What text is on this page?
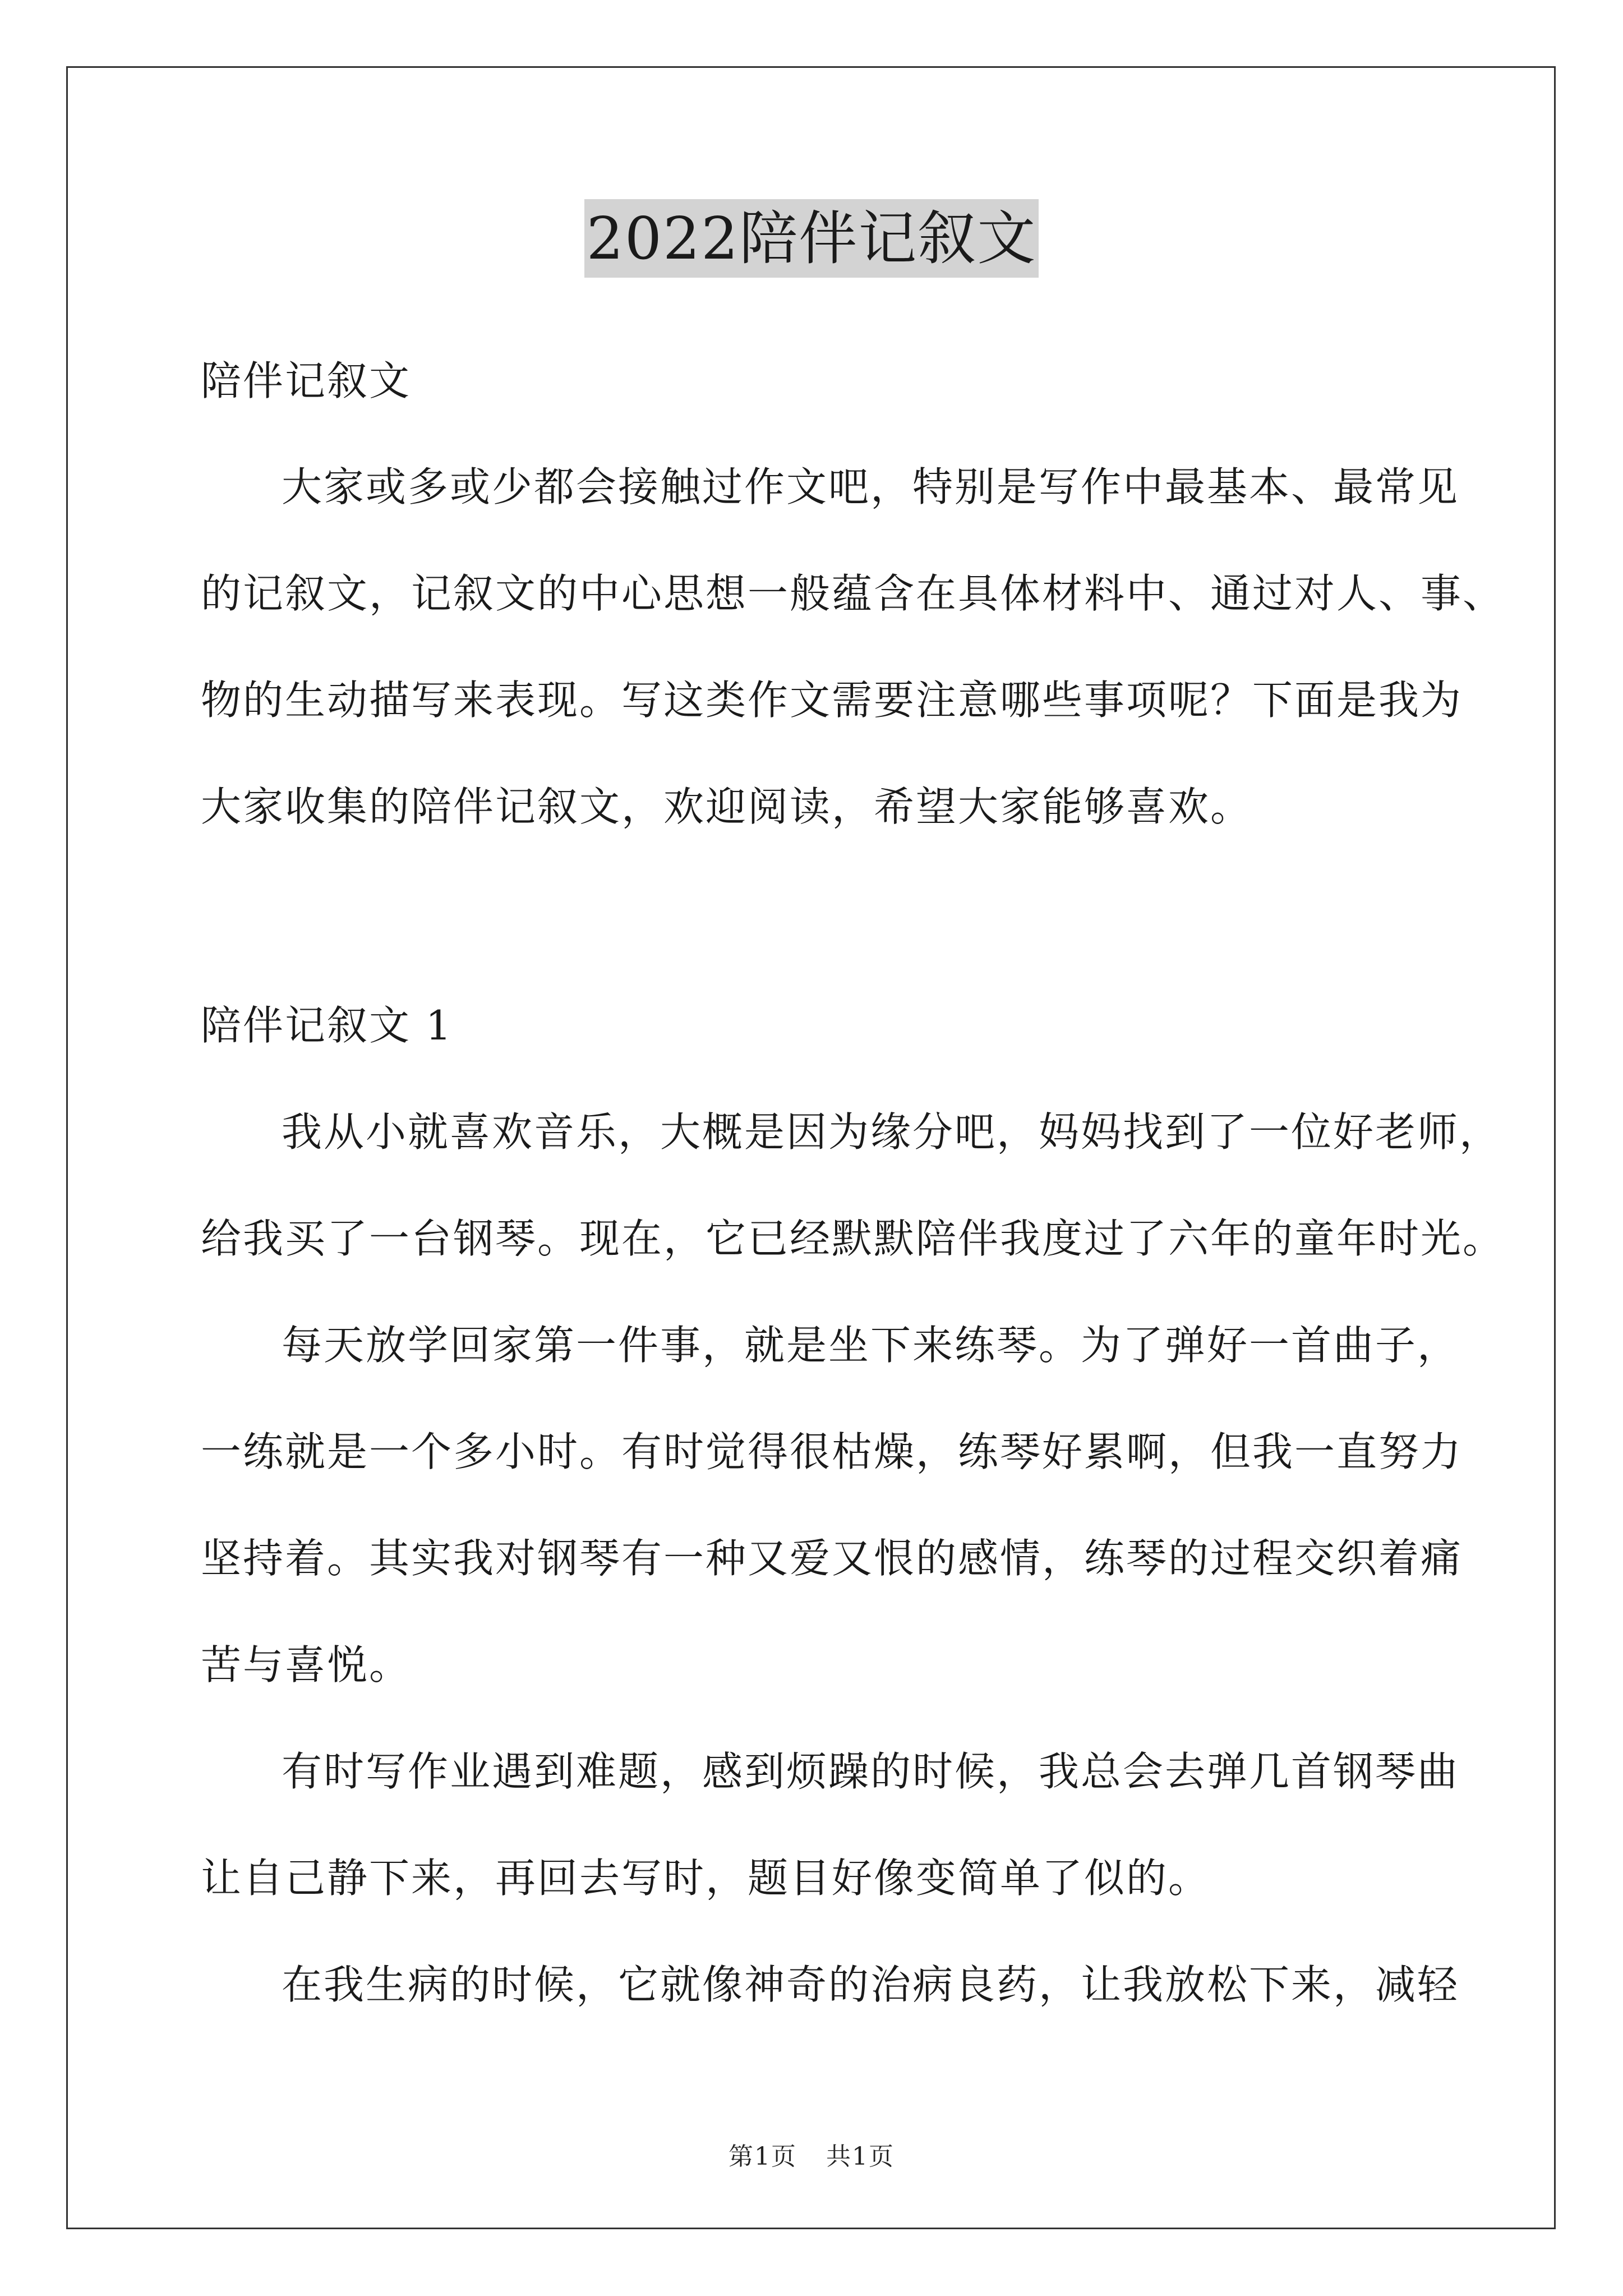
2022陪伴记叙文
陪伴记叙文
大家或多或少都会接触过作文吧，特别是写作中最基本、最常见
的记叙文，记叙文的中心思想一般蕴含在具体材料中、通过对人、事、
物的生动描写来表现。写这类作文需要注意哪些事项呢？下面是我为
大家收集的陪伴记叙文，欢迎阅读，希望大家能够喜欢。
陪伴记叙文 1
我从小就喜欢音乐，大概是因为缘分吧，妈妈找到了一位好老师，
给我买了一台钢琴。现在，它已经默默陪伴我度过了六年的童年时光。
每天放学回家第一件事，就是坐下来练琴。为了弹好一首曲子，
一练就是一个多小时。有时觉得很枯燥，练琴好累啊，但我一直努力
坚持着。其实我对钢琴有一种又爱又恨的感情，练琴的过程交织着痛
苦与喜悦。
有时写作业遇到难题，感到烦躁的时候，我总会去弹几首钢琴曲
让自己静下来，再回去写时，题目好像变简单了似的。
在我生病的时候，它就像神奇的治病良药，让我放松下来，减轻
第1页 共1页
